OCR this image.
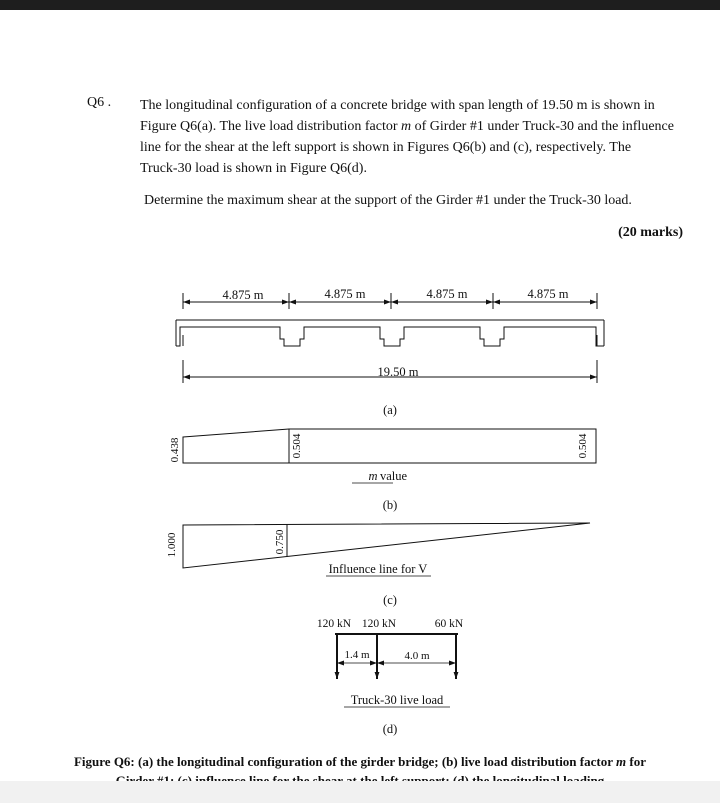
Q6 . The longitudinal configuration of a concrete bridge with span length of 19.50 m is shown in
Figure Q6(a). The live load distribution factor m of Girder #1 under Truck-30 and the influence
line for the shear at the left support is shown in Figures Q6(b) and (c), respectively. The
Truck-30 load is shown in Figure Q6(d).

Determine the maximum shear at the support of the Girder #1 under the Truck-30 load.
(20 marks)
4.875 m	4.875 m	4.875 m	4.875 m
19.50 m
(a)
0.438	0.504	0.504
m value
(b)
1.000	0.750
Influence line for V
(c)
120 kN 120 kN	60 kN
1.4 m	4.0 m
Truck-30 live load
(d)
Figure Q6: (a) the longitudinal configuration of the girder bridge; (b) live load distribution factor m for
